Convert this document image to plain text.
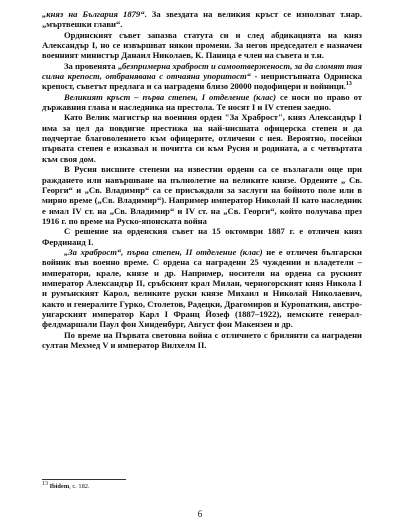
„княз на България 1879“. За звездата на великия кръст се използват т.нар. „мъртвешки глави“.

Ординският съвет запазва статута си и след абдикацията на княз Александър I, но се извършват някои промени. За негов председател е назначен военният министър Данаил Николаев, К. Паница е член на съвета и т.н.

За провенята „безпримерна храброст и самоотверженост, за да сломят тая силна крепост, отбранявана с отчаяна упоритост“ - непристъпната Одринска крепост, съветът предлага и са наградени близо 20000 подофицери и войници.$^{13}$

Великият кръст – първа степен, I отделение (клас) се носи по право от държавния глава и наследника на престола. Те носят I и IV степен заедно.

Като Велик магистър на военния орден "За Храброст", княз Александър I има за цел да повдигне престижа на най-нисшата офицерска степен и да подчертае благоволението към офицерите, отличени с нея. Вероятно, посейки първата степен е изказвал и почитта си към Русия и родината, а с четвъртата към своя дом.

В Русия висшите степени на известни ордени са се възлагали още при раждането или навършване на пълнолетие на великите князе. Ордените „ Св. Георги“ и „Св. Владимир“ са се присъждали за заслуги на бойното поле или в мирно време („Св. Владимир“). Например император Николай II като наследник е имал IV ст. на „Св. Владимир“ и IV ст. на „Св. Георги“, който получава през 1916 г. по време на Руско-японската война

С решение на орденския съвет на 15 октомври 1887 г. е отличен княз Фердинанд I.

„За храброст“, първа степен, II отделение (клас) не е отличен български войник във военно време. С ордена са наградени 25 чуждении и владетели – императори, крале, князе и др. Например, носители на ордена са руският император Александър II, сръбският крал Милан, черногорският княз Никола I и румънският Карол, великите руски князе Михаил и Николай Николаевич, както и генералите Гурко, Столетов, Радецки, Драгомиров и Куропаткин, австро-унгарският император Карл I Франц Йозеф (1887–1922), немските генерал-фелдмаршали Паул фон Хинденбург, Август фон Макензен и др.

По време на Първата световна война с отличието с брилянти са наградени султан Мехмед V и император Вилхелм II.

$^{13}$ Ibidem, с. 182.
6
